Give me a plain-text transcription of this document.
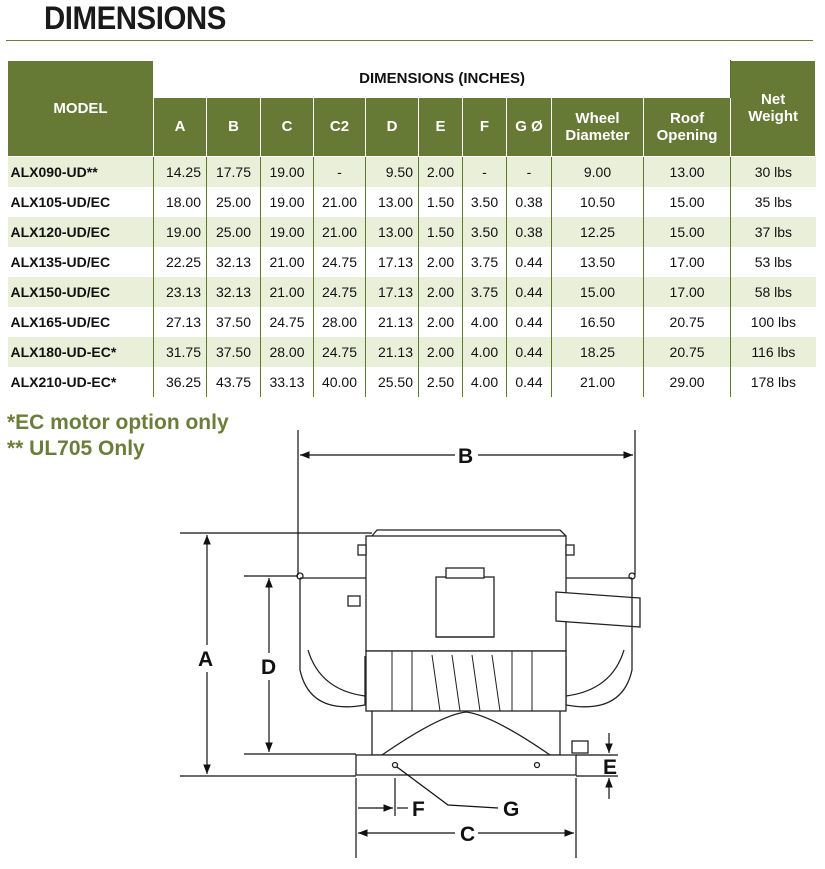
DIMENSIONS
MODEL	DIMENSIONS (INCHES)										Net
Weight
	A	B	C	C2	D	E	F	G Ø	Wheel
Diameter	Roof
Opening	
ALX090-UD**	14.25	17.75	19.00	-	9.50	2.00	-	-	9.00	13.00	30 lbs
ALX105-UD/EC	18.00	25.00	19.00	21.00	13.00	1.50	3.50	0.38	10.50	15.00	35 lbs
ALX120-UD/EC	19.00	25.00	19.00	21.00	13.00	1.50	3.50	0.38	12.25	15.00	37 lbs
ALX135-UD/EC	22.25	32.13	21.00	24.75	17.13	2.00	3.75	0.44	13.50	17.00	53 lbs
ALX150-UD/EC	23.13	32.13	21.00	24.75	17.13	2.00	3.75	0.44	15.00	17.00	58 lbs
ALX165-UD/EC	27.13	37.50	24.75	28.00	21.13	2.00	4.00	0.44	16.50	20.75	100 lbs
ALX180-UD-EC*	31.75	37.50	28.00	24.75	21.13	2.00	4.00	0.44	18.25	20.75	116 lbs
ALX210-UD-EC*	36.25	43.75	33.13	40.00	25.50	2.50	4.00	0.44	21.00	29.00	178 lbs
*EC motor option only
** UL705 Only	B
A D
E
F	G
C
